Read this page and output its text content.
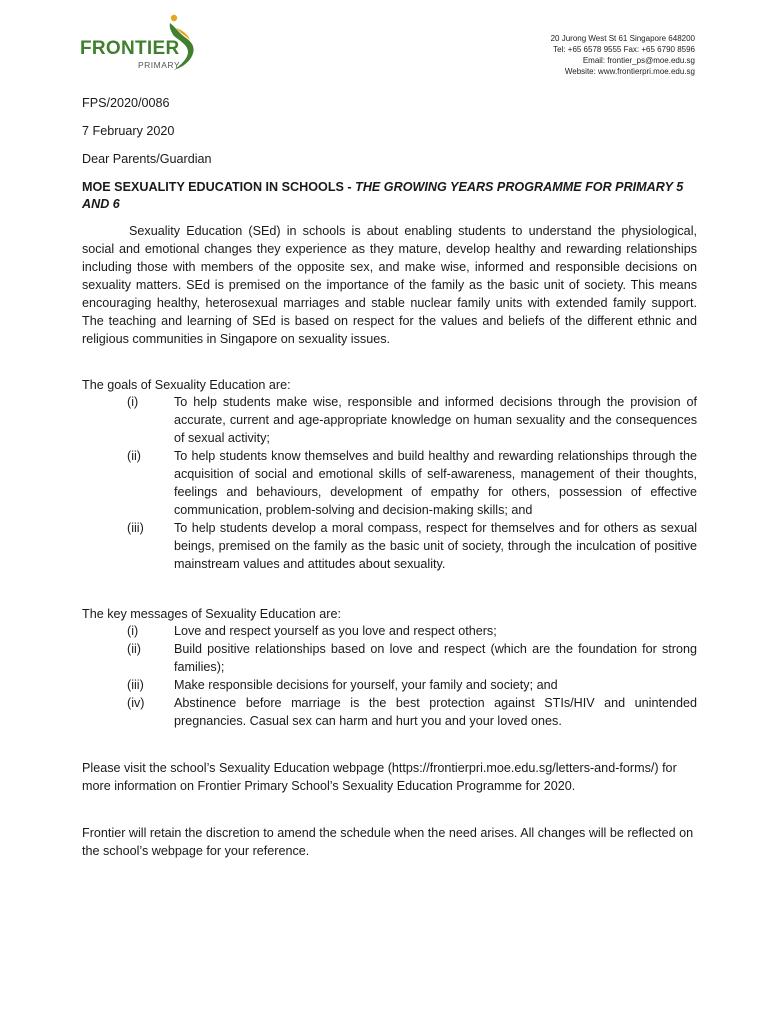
FRONTIER
PRIMARY
20 Jurong West St 61 Singapore 648200
Tel: +65 6578 9555 Fax: +65 6790 8596
Email: frontier_ps@moe.edu.sg
Website: www.frontierpri.moe.edu.sg
FPS/2020/0086
7 February 2020
Dear Parents/Guardian
MOE SEXUALITY EDUCATION IN SCHOOLS - THE GROWING YEARS PROGRAMME FOR PRIMARY 5 AND 6
Sexuality Education (SEd) in schools is about enabling students to understand the physiological, social and emotional changes they experience as they mature, develop healthy and rewarding relationships including those with members of the opposite sex, and make wise, informed and responsible decisions on sexuality matters. SEd is premised on the importance of the family as the basic unit of society. This means encouraging healthy, heterosexual marriages and stable nuclear family units with extended family support. The teaching and learning of SEd is based on respect for the values and beliefs of the different ethnic and religious communities in Singapore on sexuality issues.
The goals of Sexuality Education are:
(i)	To help students make wise, responsible and informed decisions through the provision of accurate, current and age-appropriate knowledge on human sexuality and the consequences of sexual activity;
(ii)	To help students know themselves and build healthy and rewarding relationships through the acquisition of social and emotional skills of self-awareness, management of their thoughts, feelings and behaviours, development of empathy for others, possession of effective communication, problem-solving and decision-making skills; and
(iii)	To help students develop a moral compass, respect for themselves and for others as sexual beings, premised on the family as the basic unit of society, through the inculcation of positive mainstream values and attitudes about sexuality.
The key messages of Sexuality Education are:
(i)	Love and respect yourself as you love and respect others;
(ii)	Build positive relationships based on love and respect (which are the foundation for strong families);
(iii)	Make responsible decisions for yourself, your family and society; and
(iv)	Abstinence before marriage is the best protection against STIs/HIV and unintended pregnancies. Casual sex can harm and hurt you and your loved ones.
Please visit the school’s Sexuality Education webpage (https://frontierpri.moe.edu.sg/letters-and-forms/) for more information on Frontier Primary School’s Sexuality Education Programme for 2020.
Frontier will retain the discretion to amend the schedule when the need arises. All changes will be reflected on the school’s webpage for your reference.
